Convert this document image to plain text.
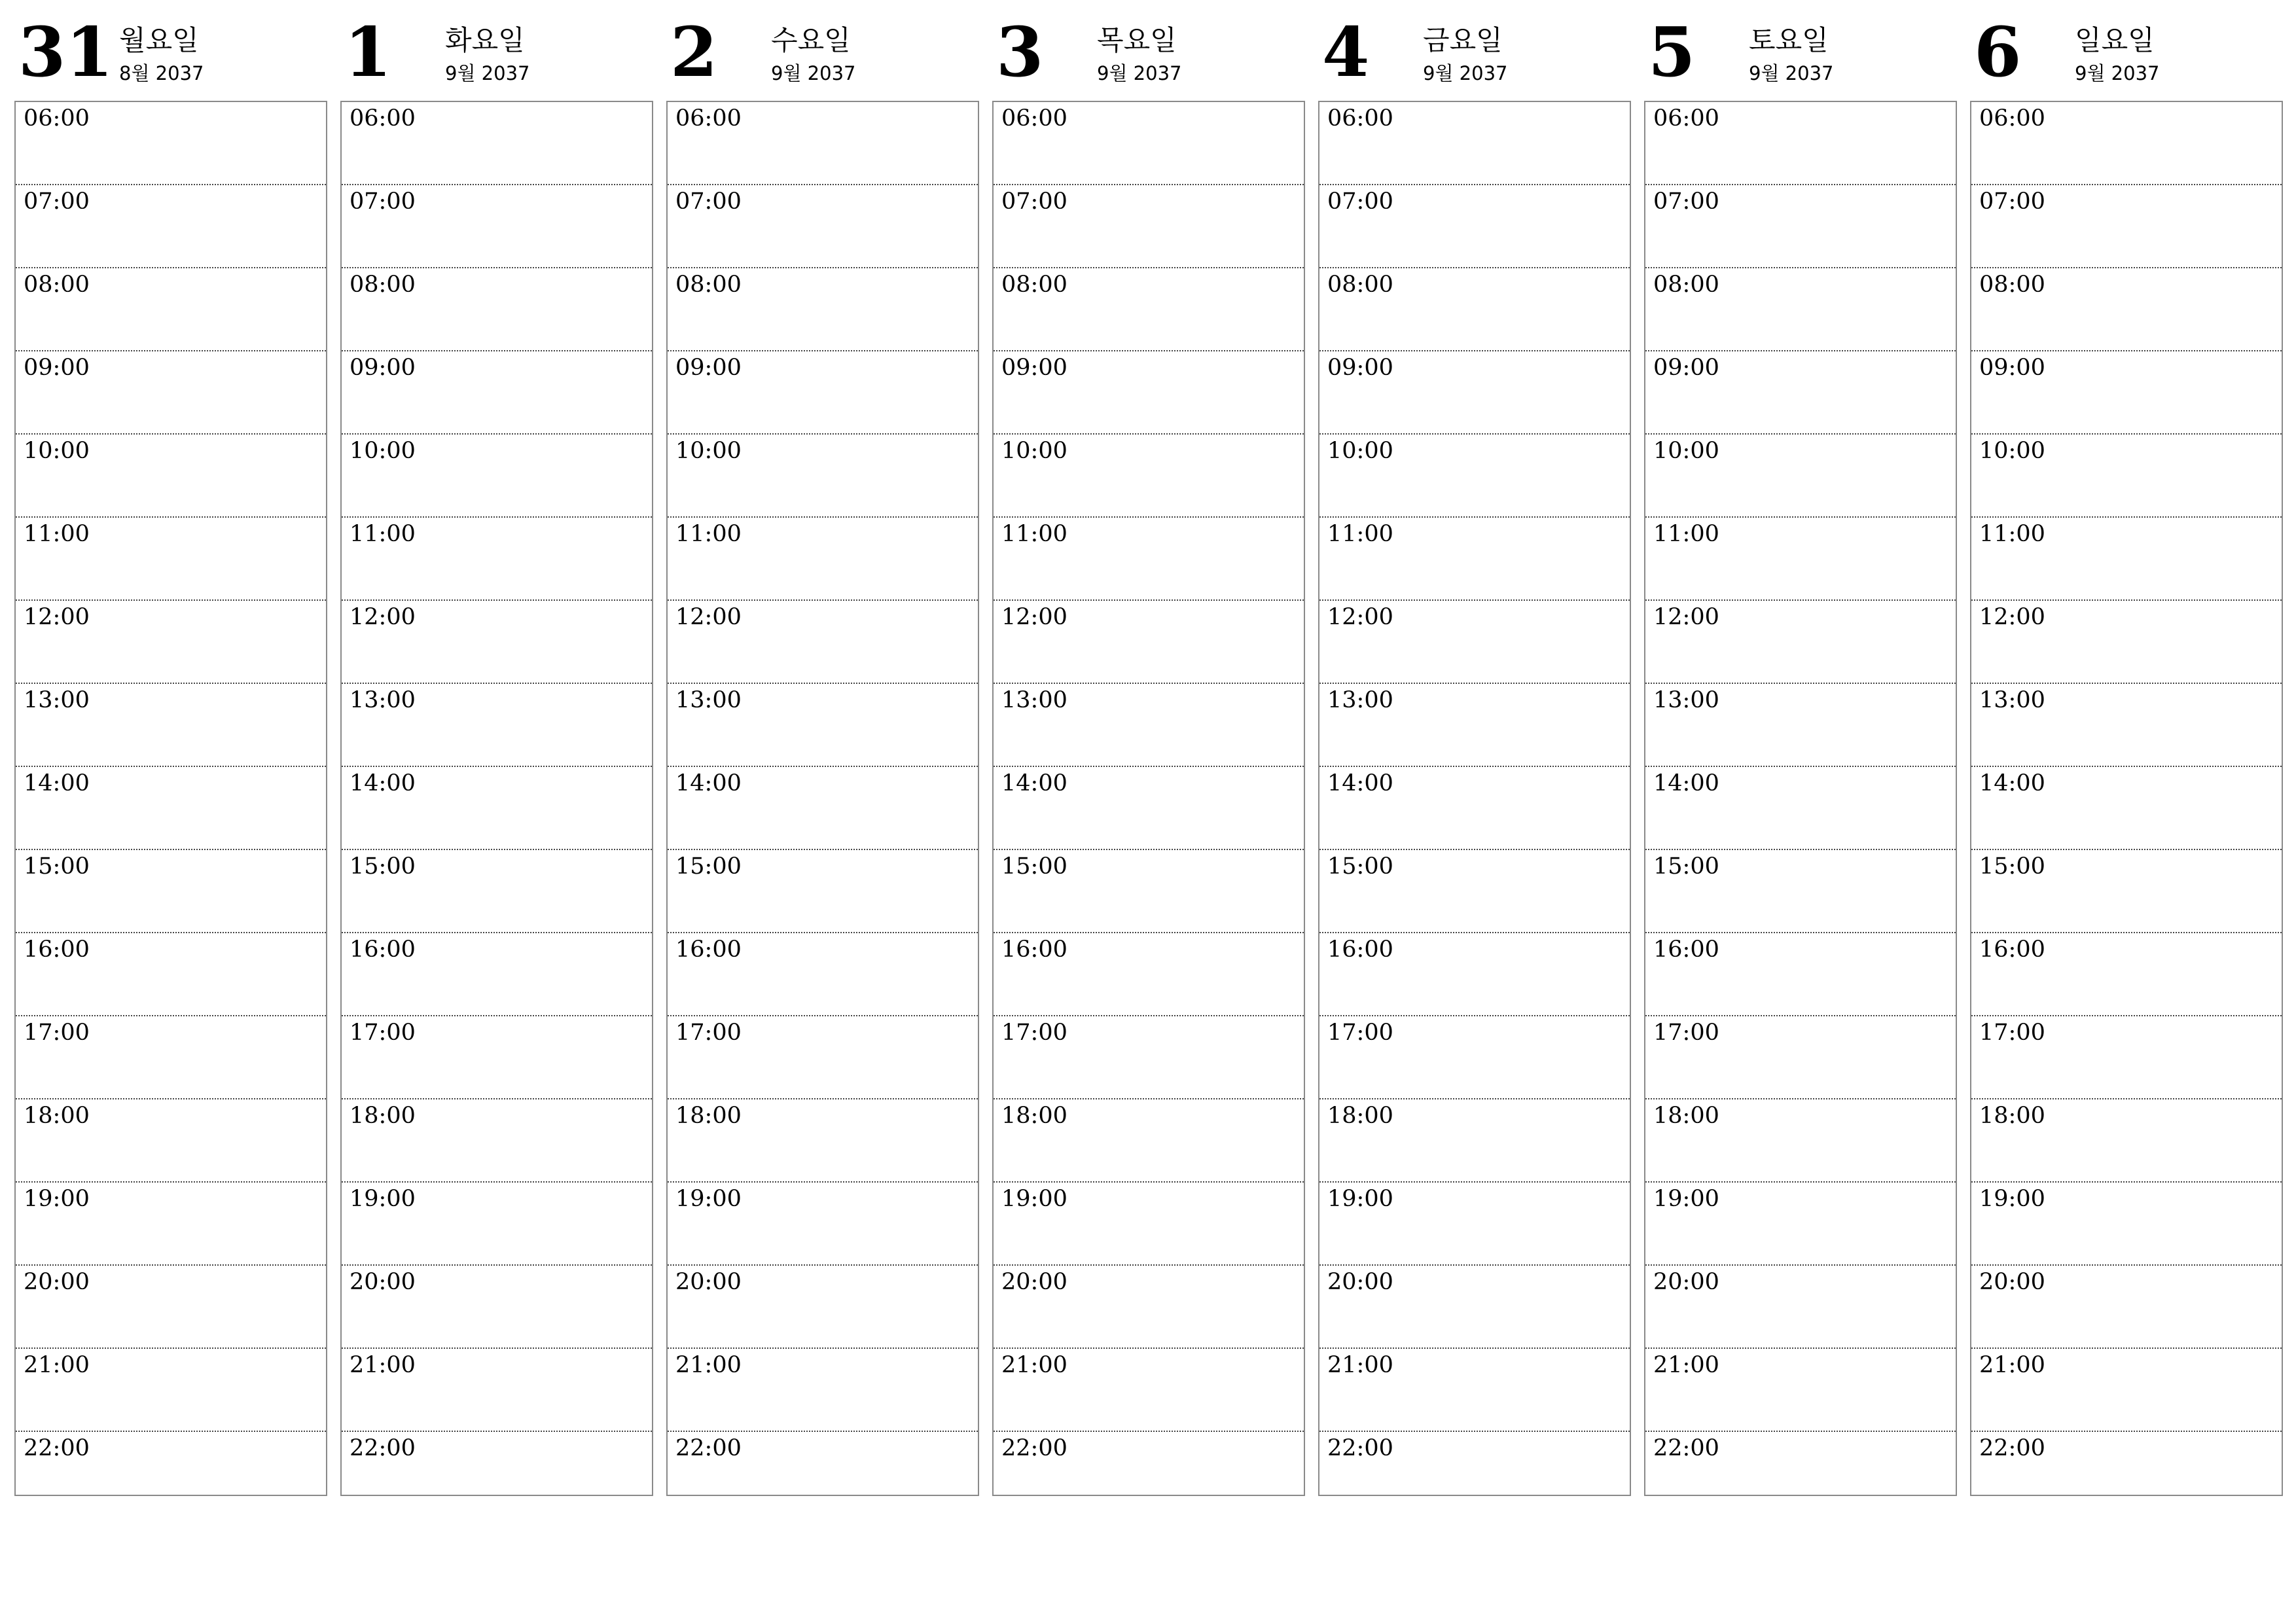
31 월요일
8월 2037
06:00
07:00
08:00
09:00
10:00
11:00
12:00
13:00
14:00
15:00
16:00
17:00
18:00
19:00
20:00
21:00
22:00
1 화요일
9월 2037
06:00
07:00
08:00
09:00
10:00
11:00
12:00
13:00
14:00
15:00
16:00
17:00
18:00
19:00
20:00
21:00
22:00
2 수요일
9월 2037
06:00
07:00
08:00
09:00
10:00
11:00
12:00
13:00
14:00
15:00
16:00
17:00
18:00
19:00
20:00
21:00
22:00
3 목요일
9월 2037
06:00
07:00
08:00
09:00
10:00
11:00
12:00
13:00
14:00
15:00
16:00
17:00
18:00
19:00
20:00
21:00
22:00
4 금요일
9월 2037
06:00
07:00
08:00
09:00
10:00
11:00
12:00
13:00
14:00
15:00
16:00
17:00
18:00
19:00
20:00
21:00
22:00
5 토요일
9월 2037
06:00
07:00
08:00
09:00
10:00
11:00
12:00
13:00
14:00
15:00
16:00
17:00
18:00
19:00
20:00
21:00
22:00
6 일요일
9월 2037
06:00
07:00
08:00
09:00
10:00
11:00
12:00
13:00
14:00
15:00
16:00
17:00
18:00
19:00
20:00
21:00
22:00
